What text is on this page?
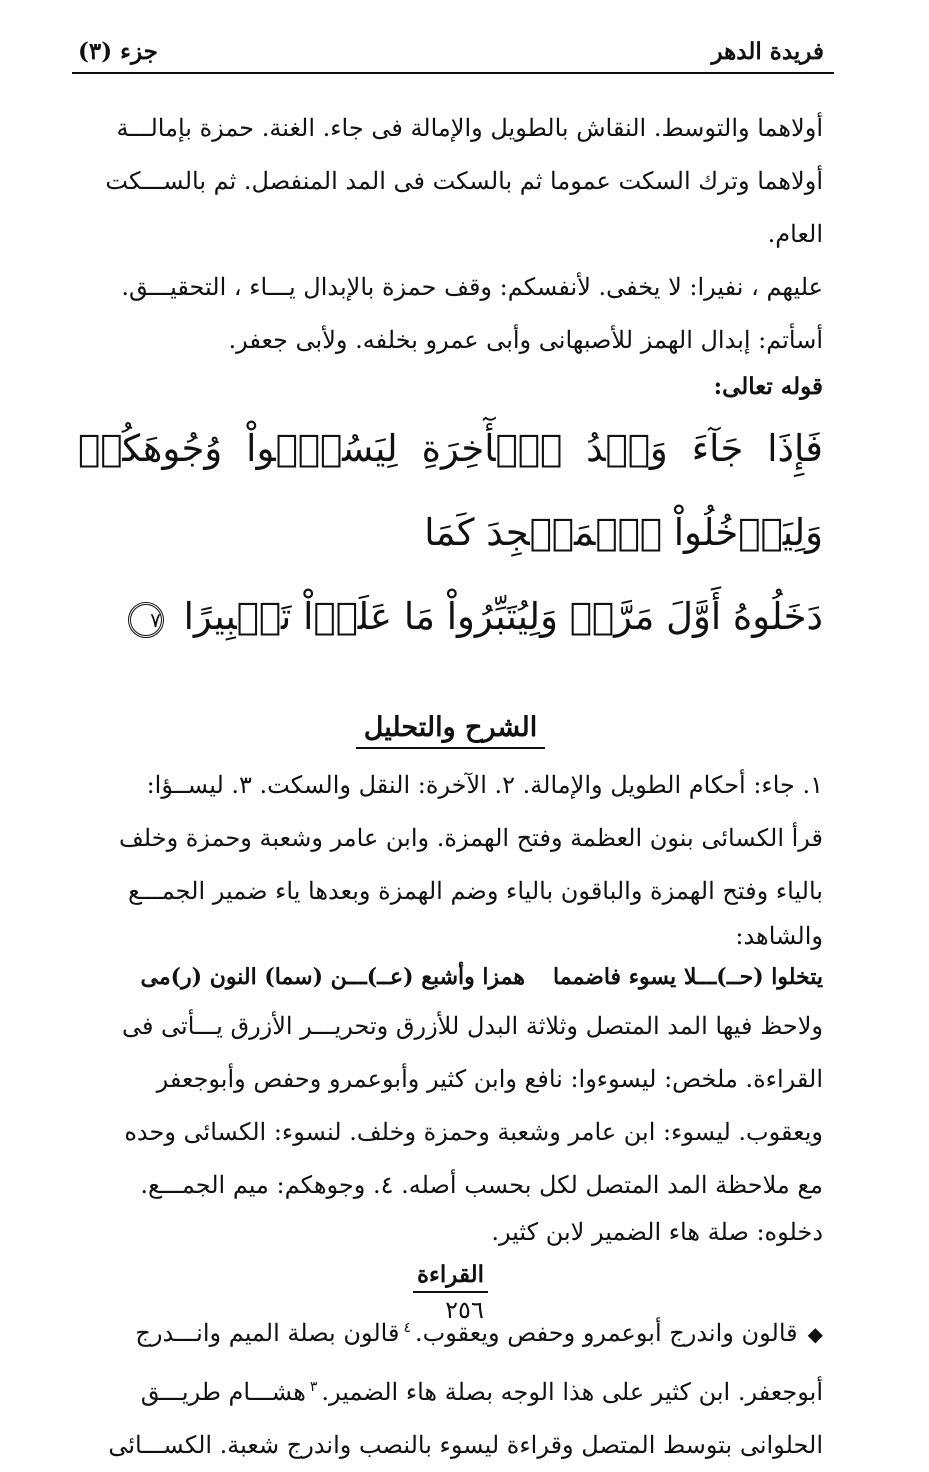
فريدة الدهر
جزء (٣)

أولاهما والتوسط. النقاش بالطويل والإمالة فى جاء. الغنة. حمزة بإمالـــة

أولاهما وترك السكت عموما ثم بالسكت فى المد المنفصل. ثم بالســـكت

العام.

عليهم ، نفيرا: لا يخفى. لأنفسكم: وقف حمزة بالإبدال يـــاء ، التحقيـــق.

أسأتم: إبدال الهمز للأصبهانى وأبى عمرو بخلفه. ولأبى جعفر.

قوله تعالى:

فَإِذَا جَآءَ وَعۡدُ ٱلۡأٓخِرَةِ لِيَسُـۧٔواْ وُجُوهَكُمۡ وَلِيَدۡخُلُواْ ٱلۡمَسۡجِدَ كَمَا

دَخَلُوهُ أَوَّلَ مَرَّةٖ وَلِيُتَبِّرُواْ مَا عَلَوۡاْ تَتۡبِيرًا ٧

الشرح والتحليل

١. جاء: أحكام الطويل والإمالة. ٢. الآخرة: النقل والسكت. ٣. ليســؤا:

قرأ الكسائى بنون العظمة وفتح الهمزة. وابن عامر وشعبة وحمزة وخلف

بالياء وفتح الهمزة والباقون بالياء وضم الهمزة وبعدها ياء ضمير الجمـــع

والشاهد:

يتخلوا (حــ)ـــلا يسوء فاضمماهمزا وأشبع (عــ)ـــن (سما) النون (ر)مى

ولاحظ فيها المد المتصل وثلاثة البدل للأزرق وتحريـــر الأزرق يـــأتى فى

القراءة. ملخص: ليسوءوا: نافع وابن كثير وأبوعمرو وحفص وأبوجعفر

ويعقوب. ليسوء: ابن عامر وشعبة وحمزة وخلف. لنسوء: الكسائى وحده

مع ملاحظة المد المتصل لكل بحسب أصله. ٤. وجوهكم: ميم الجمـــع.

دخلوه: صلة هاء الضمير لابن كثير.

القراءة

◆قالون واندرج أبوعمرو وحفص ويعقوب.$^٤$قالون بصلة الميم وانـــدرج

أبوجعفر. ابن كثير على هذا الوجه بصلة هاء الضمير.$^٣$هشـــام طريـــق

الحلوانى بتوسط المتصل وقراءة ليسوء بالنصب واندرج شعبة. الكســـائى

٢٥٦
